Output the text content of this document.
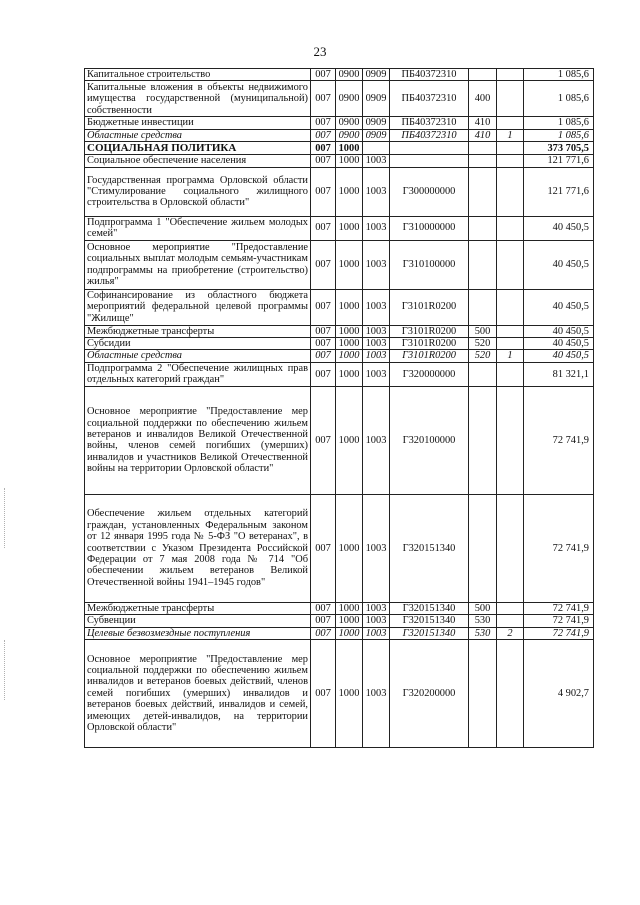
23
Капитальное строительство	007	0900	0909	ПБ40372310			1 085,6
Капитальные вложения в объекты недвижимого имущества государственной (муниципальной) собственности	007	0900	0909	ПБ40372310	400		1 085,6
Бюджетные инвестиции	007	0900	0909	ПБ40372310	410		1 085,6
Областные средства	007	0900	0909	ПБ40372310	410	1	1 085,6
СОЦИАЛЬНАЯ ПОЛИТИКА	007	1000					373 705,5
Социальное обеспечение населения	007	1000	1003				121 771,6
Государственная программа Орловской области "Стимулирование социального жилищного строительства в Орловской области"	007	1000	1003	Г300000000			121 771,6
Подпрограмма 1 "Обеспечение жильем молодых семей"	007	1000	1003	Г310000000			40 450,5
Основное мероприятие "Предоставление социальных выплат молодым семьям-участникам подпрограммы на приобретение (строительство) жилья"	007	1000	1003	Г310100000			40 450,5
Софинансирование из областного бюджета мероприятий федеральной целевой программы "Жилище"	007	1000	1003	Г3101R0200			40 450,5
Межбюджетные трансферты	007	1000	1003	Г3101R0200	500		40 450,5
Субсидии	007	1000	1003	Г3101R0200	520		40 450,5
Областные средства	007	1000	1003	Г3101R0200	520	1	40 450,5
Подпрограмма 2 "Обеспечение жилищных прав отдельных категорий граждан"	007	1000	1003	Г320000000			81 321,1
Основное мероприятие "Предоставление мер социальной поддержки по обеспечению жильем ветеранов и инвалидов Великой Отечественной войны, членов семей погибших (умерших) инвалидов и участников Великой Отечественной войны на территории Орловской области"	007	1000	1003	Г320100000			72 741,9
Обеспечение жильем отдельных категорий граждан, установленных Федеральным законом от 12 января 1995 года № 5-ФЗ "О ветеранах", в соответствии с Указом Президента Российской Федерации от 7 мая 2008 года № 714 "Об обеспечении жильем ветеранов Великой Отечественной войны 1941–1945 годов"	007	1000	1003	Г320151340			72 741,9
Межбюджетные трансферты	007	1000	1003	Г320151340	500		72 741,9
Субвенции	007	1000	1003	Г320151340	530		72 741,9
Целевые безвозмездные поступления	007	1000	1003	Г320151340	530	2	72 741,9
Основное мероприятие "Предоставление мер социальной поддержки по обеспечению жильем инвалидов и ветеранов боевых действий, членов семей погибших (умерших) инвалидов и ветеранов боевых действий, инвалидов и семей, имеющих детей-инвалидов, на территории Орловской области"	007	1000	1003	Г320200000			4 902,7
